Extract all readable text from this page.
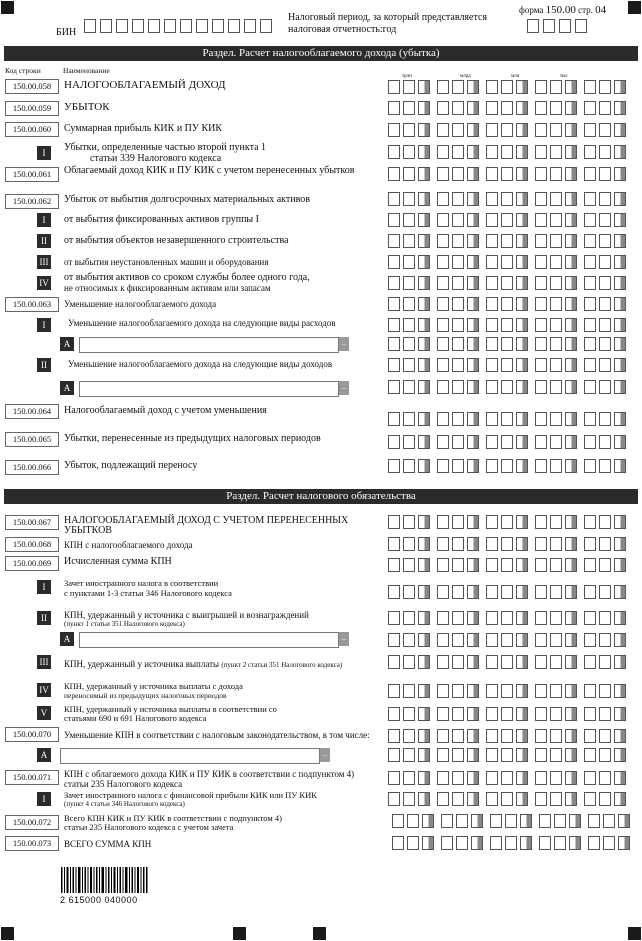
форма 150.00 стр. 04
БИН
Налоговый период, за который представляется
налоговая отчетность:год
Раздел. Расчет налогооблагаемого дохода (убытка)
Код строки	Наименование
трлн	млрд	млн	тыс
150.00.058	НАЛОГООБЛАГАЕМЫЙ ДОХОД
150.00.059	УБЫТОК
150.00.060	Суммарная прибыль КИК и ПУ КИК
I	Убытки, определенные частью второй пункта 1
статьи 339 Налогового кодекса
150.00.061	Облагаемый доход КИК и ПУ КИК с учетом перенесенных убытков
150.00.062	Убыток от выбытия долгосрочных материальных активов
I	от выбытия фиксированных активов группы I
II	от выбытия объектов незавершенного строительства
III от выбытия неустановленных машин и оборудования
IV от выбытия активов со сроком службы более одного года,
не относимых к фиксированным активам или запасам
150.00.063	Уменьшение налогооблагаемого дохода
I	Уменьшение налогооблагаемого дохода на следующие виды расходов
A	–
II	Уменьшение налогооблагаемого дохода на следующие виды доходов
A	–
150.00.064	Налогооблагаемый доход с учетом уменьшения
150.00.065	Убытки, перенесенные из предыдущих налоговых периодов
150.00.066	Убыток, подлежащий переносу
Раздел. Расчет налогового обязательства
150.00.067	НАЛОГООБЛАГАЕМЫЙ ДОХОД С УЧЕТОМ ПЕРЕНЕСЕННЫХ
УБЫТКОВ
150.00.068	КПН с налогооблагаемого дохода
150.00.069	Исчисленная сумма КПН
I	Зачет иностранного налога в соответствии
с пунктами 1-3 статьи 346 Налогового кодекса
II	КПН, удержанный у источника с выигрышей и вознаграждений
(пункт 1 статьи 351 Налогового кодекса)
A	–
III КПН, удержанный у источника выплаты (пункт 2 статьи 351 Налогового кодекса)
IV КПН, удержанный у источника выплаты с дохода
переносимый из предыдущих налоговых периодов
V	КПН, удержанный у источника выплаты в соответствии со
статьями 690 и 691 Налогового кодекса
150.00.070	Уменьшение КПН в соответствии с налоговым законодательством, в том числе:
A	–
150.00.071	КПН с облагаемого дохода КИК и ПУ КИК в соответствии с подпунктом 4)
статьи 235 Налогового кодекса
I	Зачет иностранного налога с финансовой прибыли КИК или ПУ КИК
(пункт 4 статьи 346 Налогового кодекса)
150.00.072	Всего КПН КИК и ПУ КИК в соответствии с подпунктом 4)
статьи 235 Налогового кодекса с учетом зачета
150.00.073	ВСЕГО СУММА КПН
2 615000 040000
